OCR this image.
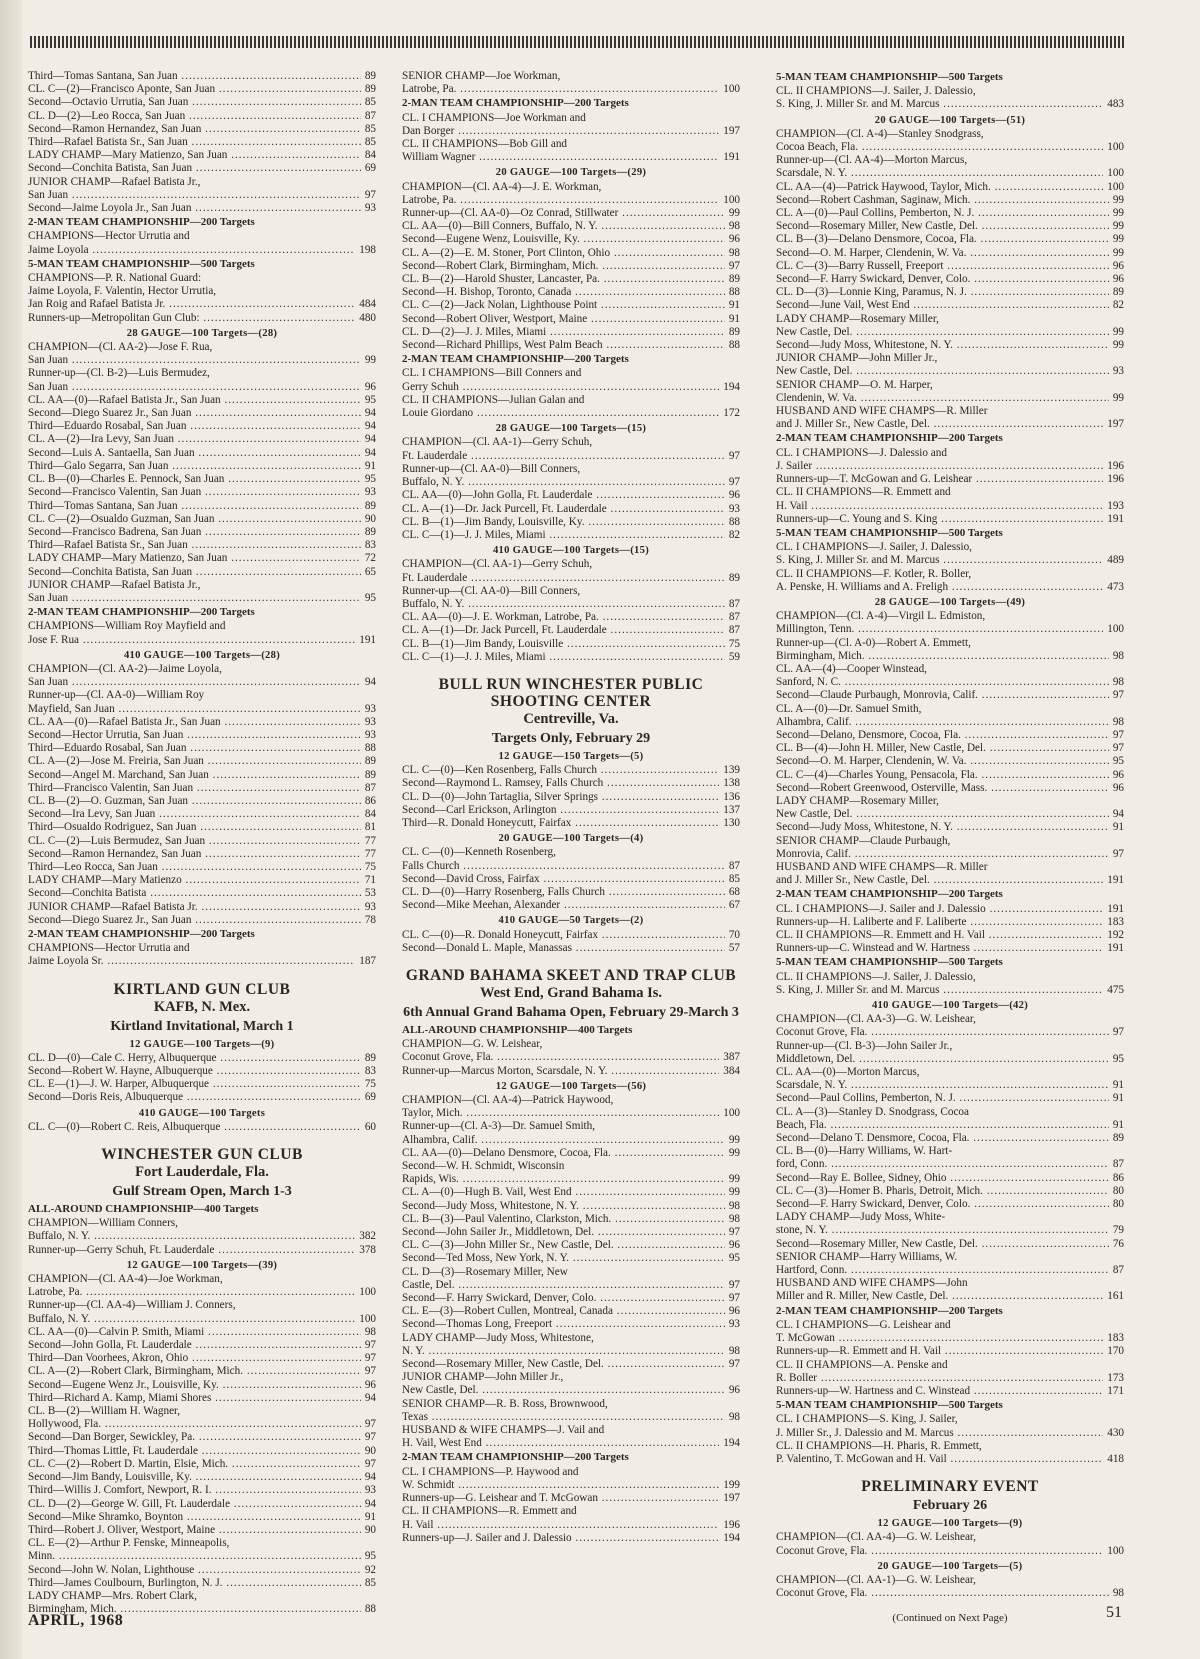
Third—Tomas Santana, San Juan .....	89
CL. C—(2)—Francisco Aponte, San Juan .....	89
Second—Octavio Urrutia, San Juan .....	85
CL. D—(2)—Leo Rocca, San Juan .....	87
Second—Ramon Hernandez, San Juan .....	85
Third—Rafael Batista Sr., San Juan .....	85
LADY CHAMP—Mary Matienzo, San Juan .....	84
Second—Conchita Batista, San Juan .....	69
JUNIOR CHAMP—Rafael Batista Jr.,
San Juan .....	97
Second—Jaime Loyola Jr., San Juan .....	93
2-MAN TEAM CHAMPIONSHIP—200 Targets
CHAMPIONS—Hector Urrutia and
Jaime Loyola .....	198
5-MAN TEAM CHAMPIONSHIP—500 Targets
CHAMPIONS—P. R. National Guard:
Jaime Loyola, F. Valentin, Hector Urrutia,
Jan Roig and Rafael Batista Jr. .....	484
Runners-up—Metropolitan Gun Club: .....	480
28 GAUGE—100 Targets—(28)
CHAMPION—(Cl. AA-2)—Jose F. Rua,
San Juan .....	99
Runner-up—(Cl. B-2)—Luis Bermudez,
San Juan .....	96
CL. AA—(0)—Rafael Batista Jr., San Juan .....	95
Second—Diego Suarez Jr., San Juan .....	94
Third—Eduardo Rosabal, San Juan .....	94
CL. A—(2)—Ira Levy, San Juan .....	94
Second—Luis A. Santaella, San Juan .....	94
Third—Galo Segarra, San Juan .....	91
CL. B—(0)—Charles E. Pennock, San Juan .....	95
Second—Francisco Valentin, San Juan .....	93
Third—Tomas Santana, San Juan .....	89
CL. C—(2)—Osualdo Guzman, San Juan .....	90
Second—Francisco Badrena, San Juan .....	89
Third—Rafael Batista Sr., San Juan .....	83
LADY CHAMP—Mary Matienzo, San Juan .....	72
Second—Conchita Batista, San Juan .....	65
JUNIOR CHAMP—Rafael Batista Jr.,
San Juan .....	95
2-MAN TEAM CHAMPIONSHIP—200 Targets
CHAMPIONS—William Roy Mayfield and
Jose F. Rua .....	191
410 GAUGE—100 Targets—(28)
CHAMPION—(Cl. AA-2)—Jaime Loyola,
San Juan .....	94
Runner-up—(Cl. AA-0)—William Roy
Mayfield, San Juan .....	93
CL. AA—(0)—Rafael Batista Jr., San Juan .....	93
Second—Hector Urrutia, San Juan .....	93
Third—Eduardo Rosabal, San Juan .....	88
CL. A—(2)—Jose M. Freiria, San Juan .....	89
Second—Angel M. Marchand, San Juan .....	89
Third—Francisco Valentin, San Juan .....	87
CL. B—(2)—O. Guzman, San Juan .....	86
Second—Ira Levy, San Juan .....	84
Third—Osualdo Rodriguez, San Juan .....	81
CL. C—(2)—Luis Bermudez, San Juan .....	77
Second—Ramon Hernandez, San Juan .....	77
Third—Leo Rocca, San Juan .....	75
LADY CHAMP—Mary Matienzo .....	71
Second—Conchita Batista .....	53
JUNIOR CHAMP—Rafael Batista Jr. .....	93
Second—Diego Suarez Jr., San Juan .....	78
2-MAN TEAM CHAMPIONSHIP—200 Targets
CHAMPIONS—Hector Urrutia and
Jaime Loyola Sr. .....	187
KIRTLAND GUN CLUB
KAFB, N. Mex.
Kirtland Invitational, March 1
12 GAUGE—100 Targets—(9)
CL. D—(0)—Cale C. Herry, Albuquerque .....	89
Second—Robert W. Hayne, Albuquerque .....	83
CL. E—(1)—J. W. Harper, Albuquerque .....	75
Second—Doris Reis, Albuquerque .....	69
410 GAUGE—100 Targets
CL. C—(0)—Robert C. Reis, Albuquerque .....	60
WINCHESTER GUN CLUB
Fort Lauderdale, Fla.
Gulf Stream Open, March 1-3
ALL-AROUND CHAMPIONSHIP—400 Targets
CHAMPION—William Conners,
Buffalo, N. Y. .....	382
Runner-up—Gerry Schuh, Ft. Lauderdale .....	378
12 GAUGE—100 Targets—(39)
CHAMPION—(Cl. AA-4)—Joe Workman,
Latrobe, Pa. .....	100
Runner-up—(Cl. AA-4)—William J. Conners,
Buffalo, N. Y. .....	100
CL. AA—(0)—Calvin P. Smith, Miami .....	98
Second—John Golla, Ft. Lauderdale .....	97
Third—Dan Voorhees, Akron, Ohio .....	97
CL. A—(2)—Robert Clark, Birmingham, Mich. .....	97
Second—Eugene Wenz Jr., Louisville, Ky. .....	96
Third—Richard A. Kamp, Miami Shores .....	94
CL. B—(2)—William H. Wagner,
Hollywood, Fla. .....	97
Second—Dan Borger, Sewickley, Pa. .....	97
Third—Thomas Little, Ft. Lauderdale .....	90
CL. C—(2)—Robert D. Martin, Elsie, Mich. .....	97
Second—Jim Bandy, Louisville, Ky. .....	94
Third—Willis J. Comfort, Newport, R. I. .....	93
CL. D—(2)—George W. Gill, Ft. Lauderdale .....	94
Second—Mike Shramko, Boynton .....	91
Third—Robert J. Oliver, Westport, Maine .....	90
CL. E—(2)—Arthur P. Fenske, Minneapolis,
Minn. .....	95
Second—John W. Nolan, Lighthouse .....	92
Third—James Coulbourn, Burlington, N. J. .....	85
LADY CHAMP—Mrs. Robert Clark,
Birmingham, Mich. .....	88
SENIOR CHAMP—Joe Workman,
Latrobe, Pa. .....	100
2-MAN TEAM CHAMPIONSHIP—200 Targets
CL. I CHAMPIONS—Joe Workman and
Dan Borger .....	197
CL. II CHAMPIONS—Bob Gill and
William Wagner .....	191
20 GAUGE—100 Targets—(29)
CHAMPION—(Cl. AA-4)—J. E. Workman,
Latrobe, Pa. .....	100
Runner-up—(Cl. AA-0)—Oz Conrad, Stillwater .....	99
CL. AA—(0)—Bill Conners, Buffalo, N. Y. .....	98
Second—Eugene Wenz, Louisville, Ky. .....	96
CL. A—(2)—E. M. Stoner, Port Clinton, Ohio .....	98
Second—Robert Clark, Birmingham, Mich. .....	97
CL. B—(2)—Harold Shuster, Lancaster, Pa. .....	89
Second—H. Bishop, Toronto, Canada .....	88
CL. C—(2)—Jack Nolan, Lighthouse Point .....	91
Second—Robert Oliver, Westport, Maine .....	91
CL. D—(2)—J. J. Miles, Miami .....	89
Second—Richard Phillips, West Palm Beach .....	88
2-MAN TEAM CHAMPIONSHIP—200 Targets
CL. I CHAMPIONS—Bill Conners and
Gerry Schuh .....	194
CL. II CHAMPIONS—Julian Galan and
Louie Giordano .....	172
28 GAUGE—100 Targets—(15)
CHAMPION—(Cl. AA-1)—Gerry Schuh,
Ft. Lauderdale .....	97
Runner-up—(Cl. AA-0)—Bill Conners,
Buffalo, N. Y. .....	97
CL. AA—(0)—John Golla, Ft. Lauderdale .....	96
CL. A—(1)—Dr. Jack Purcell, Ft. Lauderdale .....	93
CL. B—(1)—Jim Bandy, Louisville, Ky. .....	88
CL. C—(1)—J. J. Miles, Miami .....	82
410 GAUGE—100 Targets—(15)
CHAMPION—(Cl. AA-1)—Gerry Schuh,
Ft. Lauderdale .....	89
Runner-up—(Cl. AA-0)—Bill Conners,
Buffalo, N. Y. .....	87
CL. AA—(0)—J. E. Workman, Latrobe, Pa. .....	87
CL. A—(1)—Dr. Jack Purcell, Ft. Lauderdale .....	87
CL. B—(1)—Jim Bandy, Louisville .....	75
CL. C—(1)—J. J. Miles, Miami .....	59
BULL RUN WINCHESTER PUBLIC SHOOTING CENTER
Centreville, Va.
Targets Only, February 29
12 GAUGE—150 Targets—(5)
CL. C—(0)—Ken Rosenberg, Falls Church .....	139
Second—Raymond L. Ramsey, Falls Church .....	138
CL. D—(0)—John Tartaglia, Silver Springs .....	136
Second—Carl Erickson, Arlington .....	137
Third—R. Donald Honeycutt, Fairfax .....	130
20 GAUGE—100 Targets—(4)
CL. C—(0)—Kenneth Rosenberg,
Falls Church .....	87
Second—David Cross, Fairfax .....	85
CL. D—(0)—Harry Rosenberg, Falls Church .....	68
Second—Mike Meehan, Alexander .....	67
410 GAUGE—50 Targets—(2)
CL. C—(0)—R. Donald Honeycutt, Fairfax .....	70
Second—Donald L. Maple, Manassas .....	57
GRAND BAHAMA SKEET AND TRAP CLUB
West End, Grand Bahama Is.
6th Annual Grand Bahama Open, February 29-March 3
ALL-AROUND CHAMPIONSHIP—400 Targets
CHAMPION—G. W. Leishear,
Coconut Grove, Fla. .....	387
Runner-up—Marcus Morton, Scarsdale, N. Y. .....	384
12 GAUGE—100 Targets—(56)
CHAMPION—(Cl. AA-4)—Patrick Haywood,
Taylor, Mich. .....	100
Runner-up—(Cl. A-3)—Dr. Samuel Smith,
Alhambra, Calif. .....	99
CL. AA—(0)—Delano Densmore, Cocoa, Fla. .....	99
Second—W. H. Schmidt, Wisconsin
Rapids, Wis. .....	99
CL. A—(0)—Hugh B. Vail, West End .....	99
Second—Judy Moss, Whitestone, N. Y. .....	98
CL. B—(3)—Paul Valentino, Clarkston, Mich. .....	98
Second—John Sailer Jr., Middletown, Del. .....	97
CL. C—(3)—John Miller Sr., New Castle, Del. .....	96
Second—Ted Moss, New York, N. Y. .....	95
CL. D—(3)—Rosemary Miller, New
Castle, Del. .....	97
Second—F. Harry Swickard, Denver, Colo. .....	97
CL. E—(3)—Robert Cullen, Montreal, Canada .....	96
Second—Thomas Long, Freeport .....	93
LADY CHAMP—Judy Moss, Whitestone,
N. Y. .....	98
Second—Rosemary Miller, New Castle, Del. .....	97
JUNIOR CHAMP—John Miller Jr.,
New Castle, Del. .....	96
SENIOR CHAMP—R. B. Ross, Brownwood,
Texas .....	98
HUSBAND & WIFE CHAMPS—J. Vail and
H. Vail, West End .....	194
2-MAN TEAM CHAMPIONSHIP—200 Targets
CL. I CHAMPIONS—P. Haywood and
W. Schmidt .....	199
Runners-up—G. Leishear and T. McGowan .....	197
CL. II CHAMPIONS—R. Emmett and
H. Vail .....	196
Runners-up—J. Sailer and J. Dalessio .....	194
5-MAN TEAM CHAMPIONSHIP—500 Targets
CL. II CHAMPIONS—J. Sailer, J. Dalessio,
S. King, J. Miller Sr. and M. Marcus .....	483
20 GAUGE—100 Targets—(51)
CHAMPION—(Cl. A-4)—Stanley Snodgrass,
Cocoa Beach, Fla. .....	100
Runner-up—(Cl. AA-4)—Morton Marcus,
Scarsdale, N. Y. .....	100
CL. AA—(4)—Patrick Haywood, Taylor, Mich. .....	100
Second—Robert Cashman, Saginaw, Mich. .....	99
CL. A—(0)—Paul Collins, Pemberton, N. J. .....	99
Second—Rosemary Miller, New Castle, Del. .....	99
CL. B—(3)—Delano Densmore, Cocoa, Fla. .....	99
Second—O. M. Harper, Clendenin, W. Va. .....	99
CL. C—(3)—Barry Russell, Freeport .....	96
Second—F. Harry Swickard, Denver, Colo. .....	96
CL. D—(3)—Lonnie King, Paramus, N. J. .....	89
Second—June Vail, West End .....	82
LADY CHAMP—Rosemary Miller,
New Castle, Del. .....	99
Second—Judy Moss, Whitestone, N. Y. .....	99
JUNIOR CHAMP—John Miller Jr.,
New Castle, Del. .....	93
SENIOR CHAMP—O. M. Harper,
Clendenin, W. Va. .....	99
HUSBAND AND WIFE CHAMPS—R. Miller
and J. Miller Sr., New Castle, Del. .....	197
2-MAN TEAM CHAMPIONSHIP—200 Targets
CL. I CHAMPIONS—J. Dalessio and
J. Sailer .....	196
Runners-up—T. McGowan and G. Leishear .....	196
CL. II CHAMPIONS—R. Emmett and
H. Vail .....	193
Runners-up—C. Young and S. King .....	191
5-MAN TEAM CHAMPIONSHIP—500 Targets
CL. I CHAMPIONS—J. Sailer, J. Dalessio,
S. King, J. Miller Sr. and M. Marcus .....	489
CL. II CHAMPIONS—F. Kotler, R. Boller,
A. Penske, H. Williams and A. Freligh .....	473
28 GAUGE—100 Targets—(49)
CHAMPION—(Cl. A-4)—Virgil L. Edmiston,
Millington, Tenn. .....	100
Runner-up—(Cl. A-0)—Robert A. Emmett,
Birmingham, Mich. .....	98
CL. AA—(4)—Cooper Winstead,
Sanford, N. C. .....	98
Second—Claude Purbaugh, Monrovia, Calif. .....	97
CL. A—(0)—Dr. Samuel Smith,
Alhambra, Calif. .....	98
Second—Delano, Densmore, Cocoa, Fla. .....	97
CL. B—(4)—John H. Miller, New Castle, Del. .....	97
Second—O. M. Harper, Clendenin, W. Va. .....	95
CL. C—(4)—Charles Young, Pensacola, Fla. .....	96
Second—Robert Greenwood, Osterville, Mass. .....	96
LADY CHAMP—Rosemary Miller,
New Castle, Del. .....	94
Second—Judy Moss, Whitestone, N. Y. .....	91
SENIOR CHAMP—Claude Purbaugh,
Monrovia, Calif. .....	97
HUSBAND AND WIFE CHAMPS—R. Miller
and J. Miller Sr., New Castle, Del. .....	191
2-MAN TEAM CHAMPIONSHIP—200 Targets
CL. I CHAMPIONS—J. Sailer and J. Dalessio .....	191
Runners-up—H. Laliberte and F. Laliberte .....	183
CL. II CHAMPIONS—R. Emmett and H. Vail .....	192
Runners-up—C. Winstead and W. Hartness .....	191
5-MAN TEAM CHAMPIONSHIP—500 Targets
CL. II CHAMPIONS—J. Sailer, J. Dalessio,
S. King, J. Miller Sr. and M. Marcus .....	475
410 GAUGE—100 Targets—(42)
CHAMPION—(Cl. AA-3)—G. W. Leishear,
Coconut Grove, Fla. .....	97
Runner-up—(Cl. B-3)—John Sailer Jr.,
Middletown, Del. .....	95
CL. AA—(0)—Morton Marcus,
Scarsdale, N. Y. .....	91
Second—Paul Collins, Pemberton, N. J. .....	91
CL. A—(3)—Stanley D. Snodgrass, Cocoa
Beach, Fla. .....	91
Second—Delano T. Densmore, Cocoa, Fla. .....	89
CL. B—(0)—Harry Williams, W. Hart-
ford, Conn. .....	87
Second—Ray E. Bollee, Sidney, Ohio .....	86
CL. C—(3)—Homer B. Pharis, Detroit, Mich. .....	80
Second—F. Harry Swickard, Denver, Colo. .....	80
LADY CHAMP—Judy Moss, White-
stone, N. Y. .....	79
Second—Rosemary Miller, New Castle, Del. .....	76
SENIOR CHAMP—Harry Williams, W.
Hartford, Conn. .....	87
HUSBAND AND WIFE CHAMPS—John
Miller and R. Miller, New Castle, Del. .....	161
2-MAN TEAM CHAMPIONSHIP—200 Targets
CL. I CHAMPIONS—G. Leishear and
T. McGowan .....	183
Runners-up—R. Emmett and H. Vail .....	170
CL. II CHAMPIONS—A. Penske and
R. Boller .....	173
Runners-up—W. Hartness and C. Winstead .....	171
5-MAN TEAM CHAMPIONSHIP—500 Targets
CL. I CHAMPIONS—S. King, J. Sailer,
J. Miller Sr., J. Dalessio and M. Marcus .....	430
CL. II CHAMPIONS—H. Pharis, R. Emmett,
P. Valentino, T. McGowan and H. Vail .....	418
PRELIMINARY EVENT
February 26
12 GAUGE—100 Targets—(9)
CHAMPION—(Cl. AA-4)—G. W. Leishear,
Coconut Grove, Fla. .....	100
20 GAUGE—100 Targets—(5)
CHAMPION—(Cl. AA-1)—G. W. Leishear,
Coconut Grove, Fla. .....	98
(Continued on Next Page)
APRIL, 1968	51
